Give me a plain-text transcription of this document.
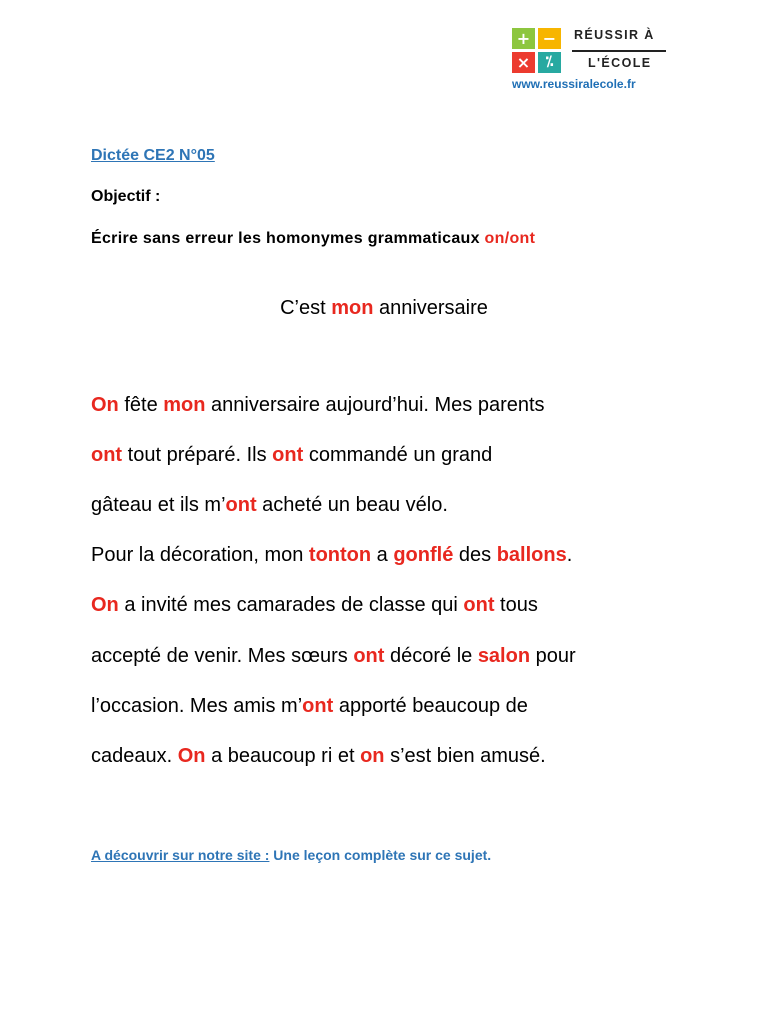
+ −
×	⁒
RÉUSSIR À
L'ÉCOLE
www.reussiralecole.fr
Dictée CE2 N°05
Objectif :
Écrire sans erreur les homonymes grammaticaux on/ont
C’est mon anniversaire
On fête mon anniversaire aujourd’hui. Mes parents
ont tout préparé. Ils ont commandé un grand
gâteau et ils m’ont acheté un beau vélo.
Pour la décoration, mon tonton a gonflé des ballons.
On a invité mes camarades de classe qui ont tous
accepté de venir. Mes sœurs ont décoré le salon pour
l’occasion. Mes amis m’ont apporté beaucoup de
cadeaux. On a beaucoup ri et on s’est bien amusé.
A découvrir sur notre site : Une leçon complète sur ce sujet.
